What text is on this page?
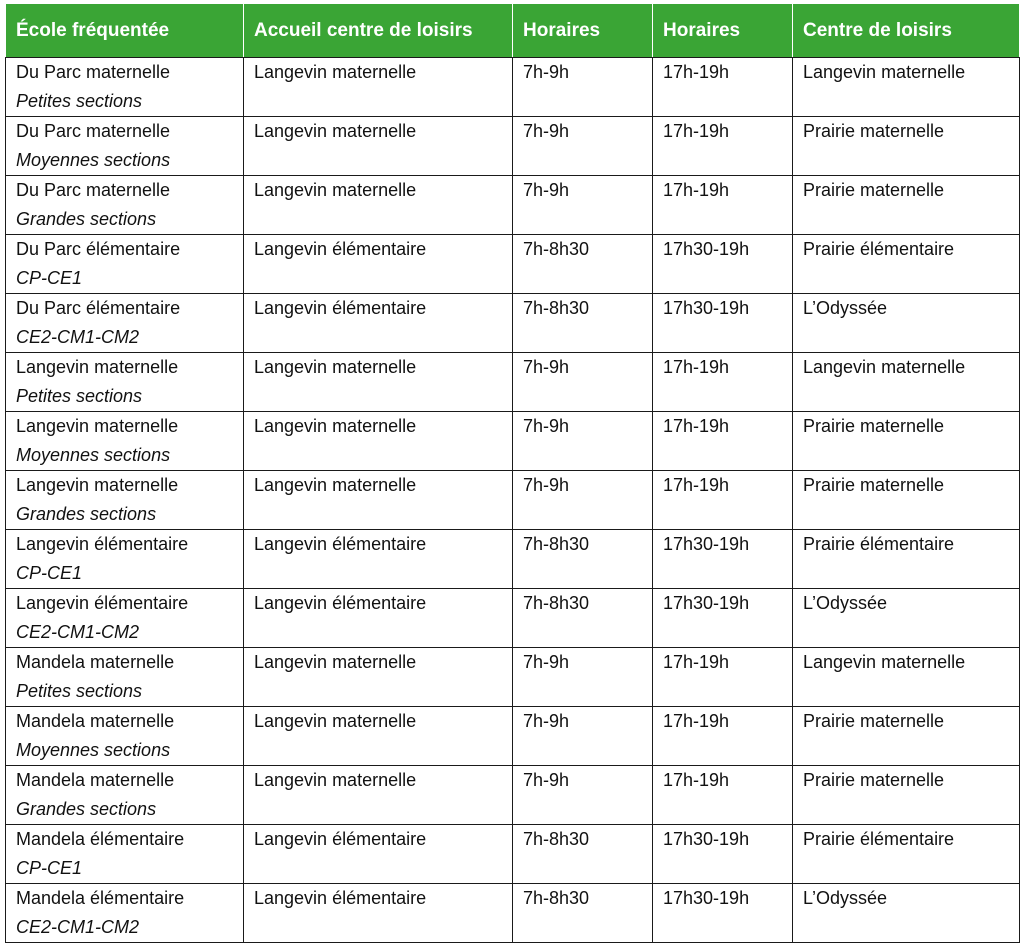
École fréquentée	Accueil centre de loisirs	Horaires	Horaires	Centre de loisirs

Du Parc maternelle
Petites sections	Langevin maternelle	7h-9h	17h-19h	Langevin maternelle

Du Parc maternelle
Moyennes sections	Langevin maternelle	7h-9h	17h-19h	Prairie maternelle

Du Parc maternelle
Grandes sections	Langevin maternelle	7h-9h	17h-19h	Prairie maternelle

Du Parc élémentaire
CP-CE1	Langevin élémentaire	7h-8h30	17h30-19h	Prairie élémentaire

Du Parc élémentaire
CE2-CM1-CM2	Langevin élémentaire	7h-8h30	17h30-19h	L’Odyssée

Langevin maternelle
Petites sections	Langevin maternelle	7h-9h	17h-19h	Langevin maternelle

Langevin maternelle
Moyennes sections	Langevin maternelle	7h-9h	17h-19h	Prairie maternelle

Langevin maternelle
Grandes sections	Langevin maternelle	7h-9h	17h-19h	Prairie maternelle

Langevin élémentaire
CP-CE1	Langevin élémentaire	7h-8h30	17h30-19h	Prairie élémentaire

Langevin élémentaire
CE2-CM1-CM2	Langevin élémentaire	7h-8h30	17h30-19h	L’Odyssée

Mandela maternelle
Petites sections	Langevin maternelle	7h-9h	17h-19h	Langevin maternelle

Mandela maternelle
Moyennes sections	Langevin maternelle	7h-9h	17h-19h	Prairie maternelle

Mandela maternelle
Grandes sections	Langevin maternelle	7h-9h	17h-19h	Prairie maternelle

Mandela élémentaire
CP-CE1	Langevin élémentaire	7h-8h30	17h30-19h	Prairie élémentaire

Mandela élémentaire
CE2-CM1-CM2	Langevin élémentaire	7h-8h30	17h30-19h	L’Odyssée
